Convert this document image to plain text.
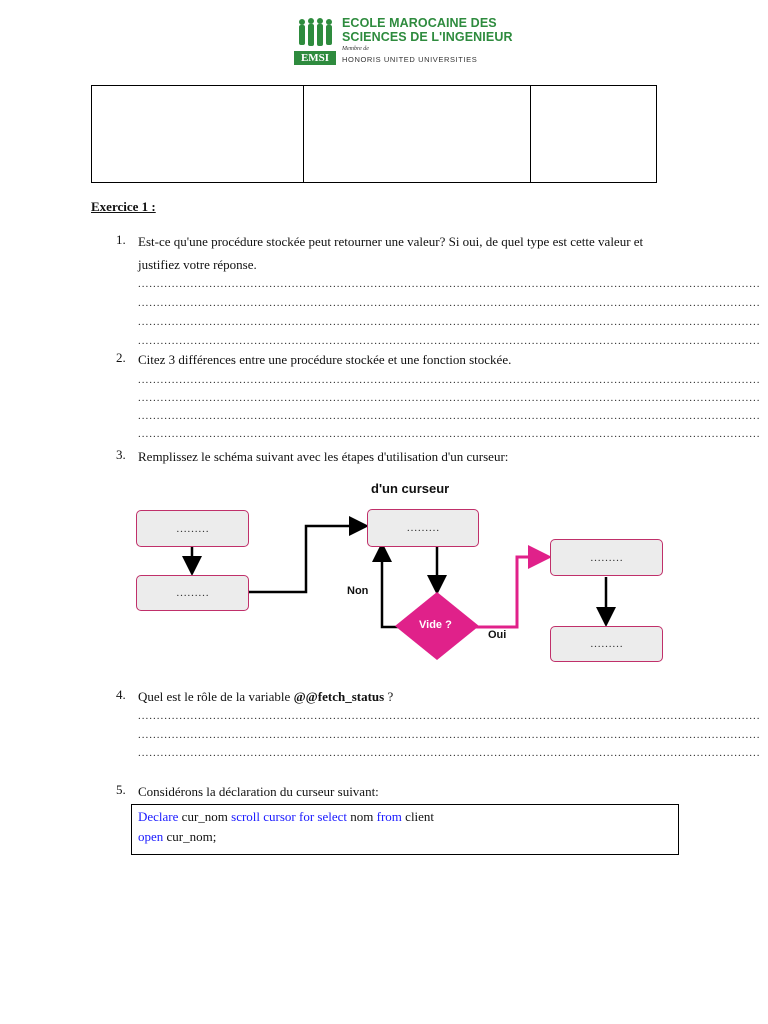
EMSI
ECOLE MAROCAINE DES
SCIENCES DE L'INGENIEUR
Membre de
HONORIS UNITED UNIVERSITIES
Exercice 1 :
1. Est-ce qu'une procédure stockée peut retourner une valeur? Si oui, de quel type est cette valeur et
justifiez votre réponse.
......................................................................................................................................................................
......................................................................................................................................................................
......................................................................................................................................................................
......................................................................................................................................................................
2. Citez 3 différences entre une procédure stockée et une fonction stockée.
......................................................................................................................................................................
......................................................................................................................................................................
......................................................................................................................................................................
......................................................................................................................................................................
3. Remplissez le schéma suivant avec les étapes d'utilisation d'un curseur:
d'un curseur
………
………
………
………
………
Vide ?
Non
Oui
4. Quel est le rôle de la variable @@fetch_status ?
......................................................................................................................................................................
......................................................................................................................................................................
......................................................................................................................................................................
5. Considérons la déclaration du curseur suivant:
Declare cur_nom scroll cursor for select nom from client
open cur_nom;
